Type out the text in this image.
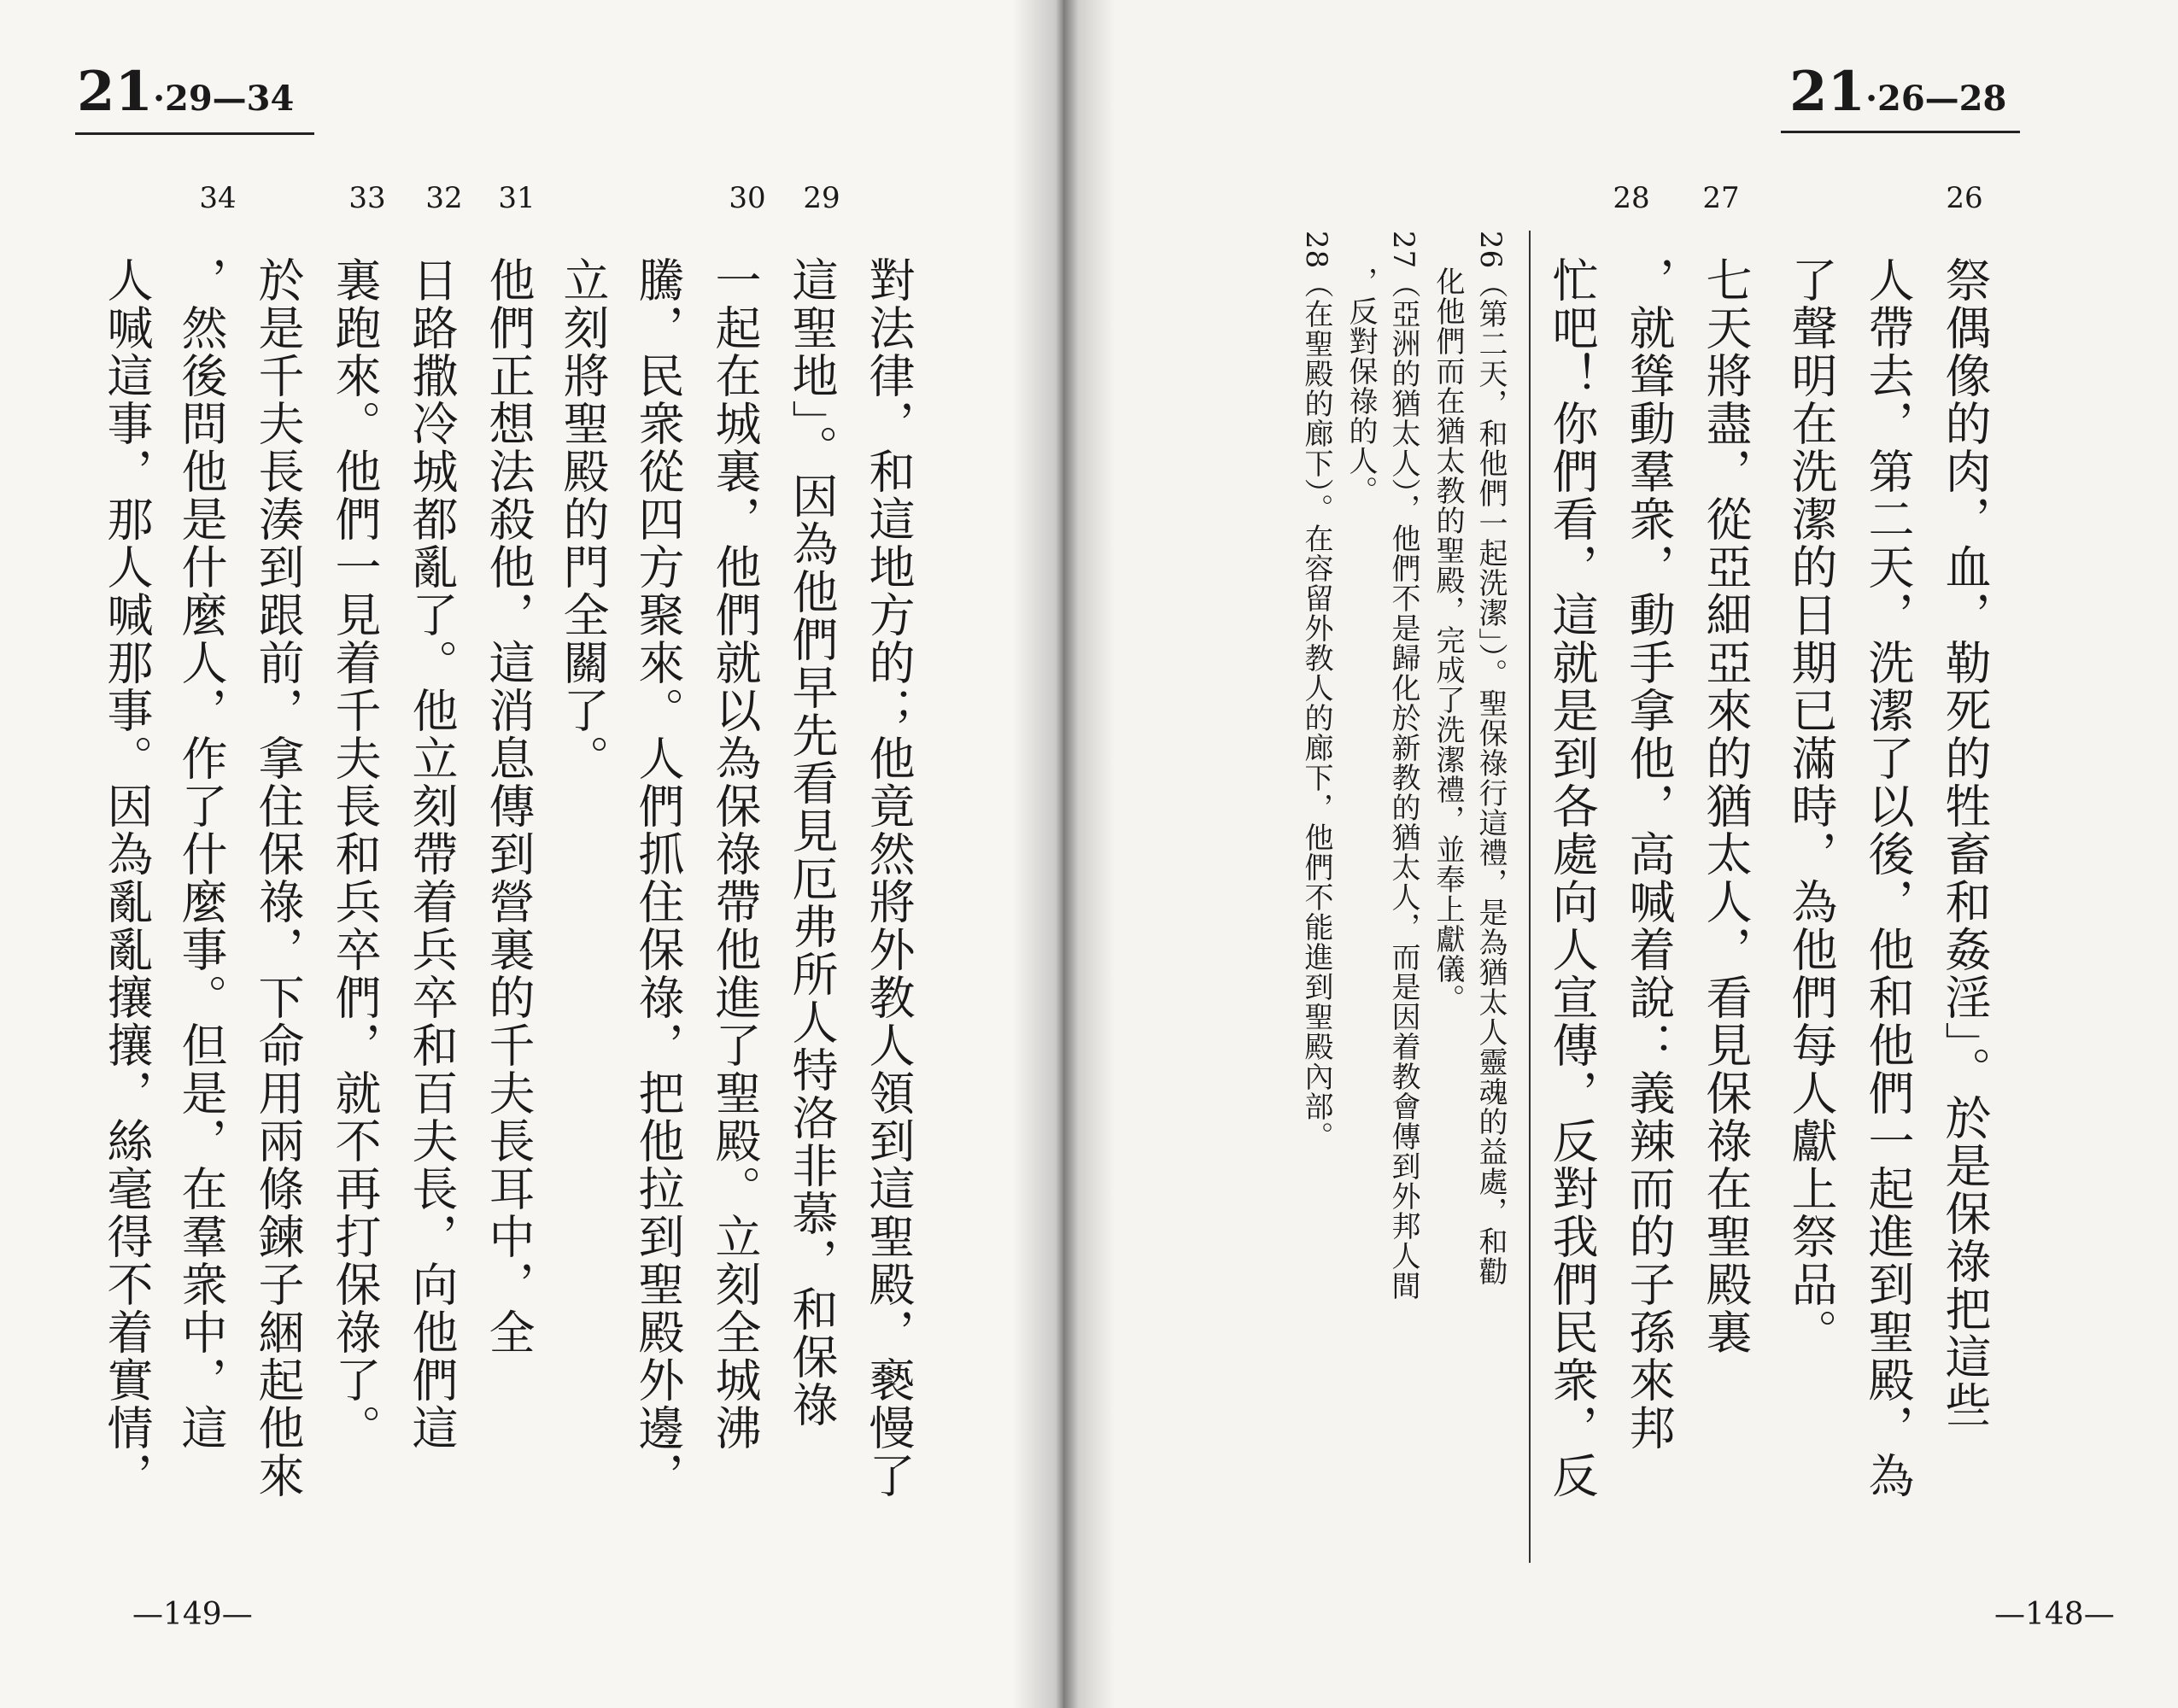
21·29—34
34	33 32 31	30 29
對法律，和這地方的；他竟然將外教人領到這聖殿，褻慢了
這聖地」。因為他們早先看見厄弗所人特洛非慕，和保祿
一起在城裏，他們就以為保祿帶他進了聖殿。立刻全城沸
騰，民衆從四方聚來。人們抓住保祿，把他拉到聖殿外邊，
立刻將聖殿的門全關了。
他們正想法殺他，這消息傳到營裏的千夫長耳中，全
日路撒冷城都亂了。他立刻帶着兵卒和百夫長，向他們這
裏跑來。他們一見着千夫長和兵卒們，就不再打保祿了。
於是千夫長湊到跟前，拿住保祿，下命用兩條鍊子綑起他來
，然後問他是什麼人，作了什麼事。但是，在羣衆中，這
人喊這事，那人喊那事。因為亂亂攘攘，絲毫得不着實情，
—149—
21·26—28
26
27
28
祭偶像的肉，血，勒死的牲畜和姦淫」。於是保祿把這些
人帶去，第二天，洗潔了以後，他和他們一起進到聖殿，為
了聲明在洗潔的日期已滿時，為他們每人獻上祭品。
七天將盡，從亞細亞來的猶太人，看見保祿在聖殿裏
，就聳動羣衆，動手拿他，高喊着說：義辣而的子孫來邦
忙吧！你們看，這就是到各處向人宣傳，反對我們民衆，反
26（第二天，和他們一起洗潔」）。聖保祿行這禮，是為猶太人靈魂的益處，和勸
化他們而在猶太教的聖殿，完成了洗潔禮，並奉上獻儀。
27（亞洲的猶太人），他們不是歸化於新教的猶太人，而是因着教會傳到外邦人間
，反對保祿的人。
28（在聖殿的廊下）。在容留外教人的廊下，他們不能進到聖殿內部。
—148—
